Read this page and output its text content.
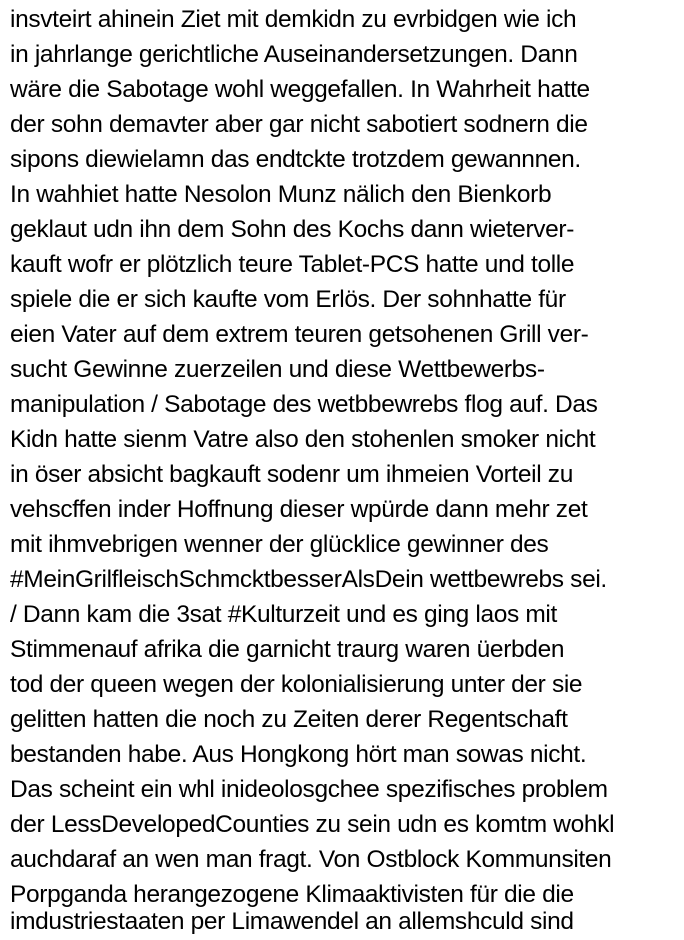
insvteirt ahinein Ziet mit demkidn zu evrbidgen wie ich
in jahrlange gerichtliche Auseinandersetzungen. Dann
wäre die Sabotage wohl weggefallen. In Wahrheit hatte
der sohn demavter aber gar nicht sabotiert sodnern die
sipons diewielamn das endtckte trotzdem gewannnen.
In wahhiet hatte Nesolon Munz nälich den Bienkorb
geklaut udn ihn dem Sohn des Kochs dann wieterver-
kauft wofr er plötzlich teure Tablet-PCS hatte und tolle
spiele die er sich kaufte vom Erlös. Der sohnhatte für
eien Vater auf dem extrem teuren getsohenen Grill ver-
sucht Gewinne zuerzeilen und diese Wettbewerbs-
manipulation / Sabotage des wetbbewrebs flog auf. Das
Kidn hatte sienm Vatre also den stohenlen smoker nicht
in öser absicht bagkauft sodenr um ihmeien Vorteil zu
vehscffen inder Hoffnung dieser wpürde dann mehr zet
mit ihmvebrigen wenner der glücklice gewinner des
#MeinGrilfleischSchmcktbesserAlsDein wettbewrebs sei.
/ Dann kam die 3sat #Kulturzeit und es ging laos mit
Stimmenauf afrika die garnicht traurg waren üerbden
tod der queen wegen der kolonialisierung unter der sie
gelitten hatten die noch zu Zeiten derer Regentschaft
bestanden habe. Aus Hongkong hört man sowas nicht.
Das scheint ein whl inideolosgchee spezifisches problem
der LessDevelopedCounties zu sein udn es komtm wohkl
auchdaraf an wen man fragt. Von Ostblock Kommunsiten
Porpganda herangezogene Klimaaktivisten für die die
imdustriestaaten per Limawendel an allemshculd sind
